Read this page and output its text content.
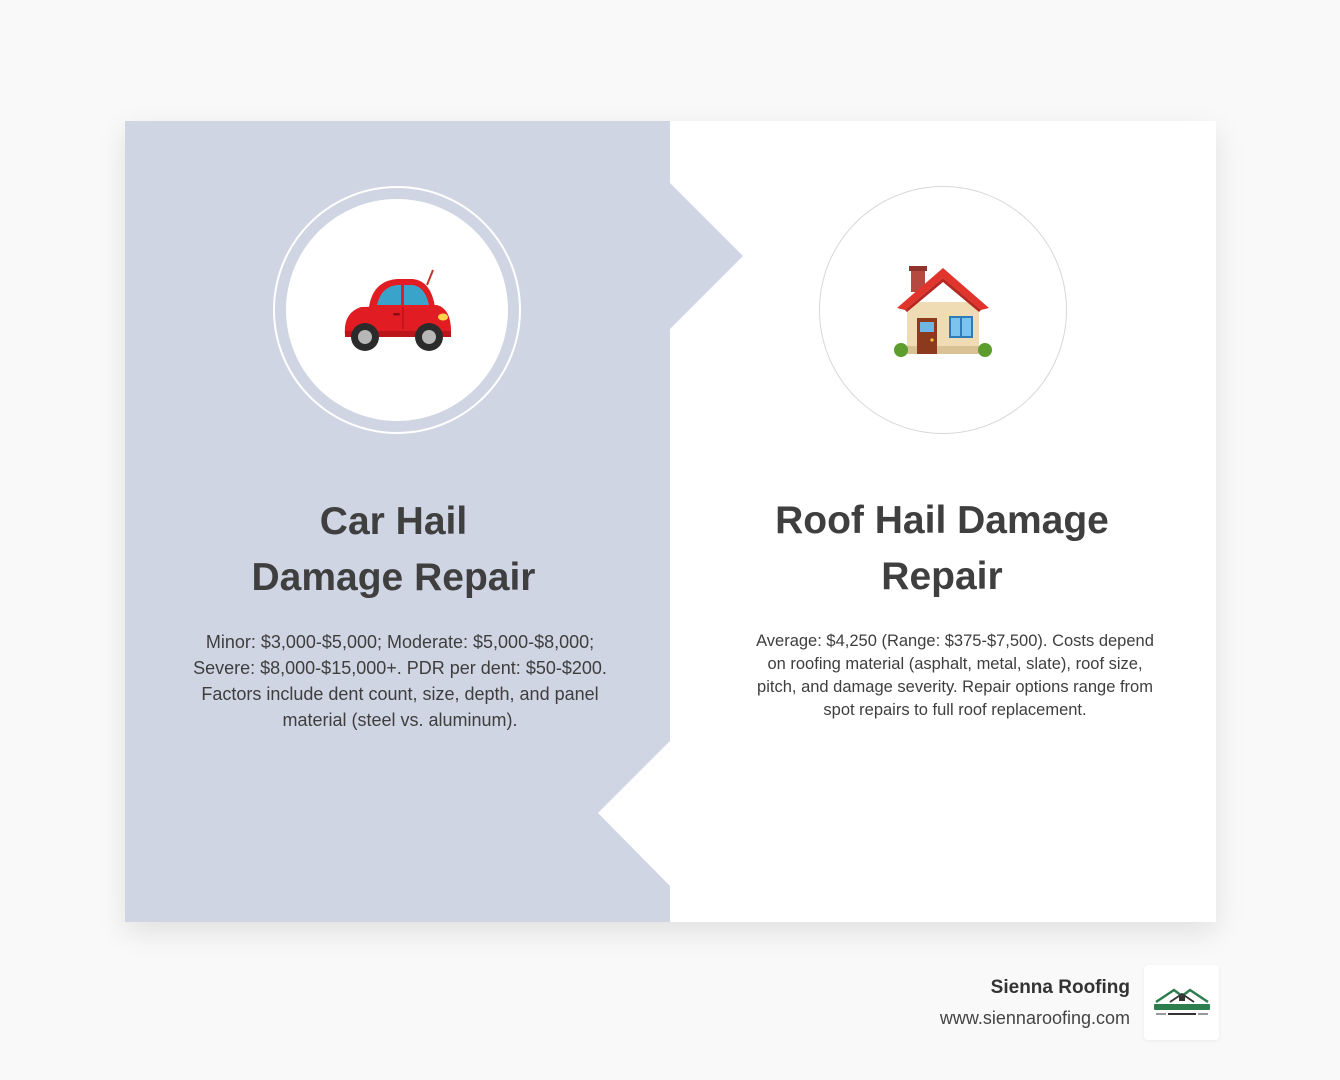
Car Hail
Damage Repair

Minor: $3,000-$5,000; Moderate: $5,000-$8,000; Severe: $8,000-$15,000+. PDR per dent: $50-$200. Factors include dent count, size, depth, and panel material (steel vs. aluminum).

Roof Hail Damage
Repair

Average: $4,250 (Range: $375-$7,500). Costs depend on roofing material (asphalt, metal, slate), roof size, pitch, and damage severity. Repair options range from spot repairs to full roof replacement.

Sienna Roofing
www.siennaroofing.com
